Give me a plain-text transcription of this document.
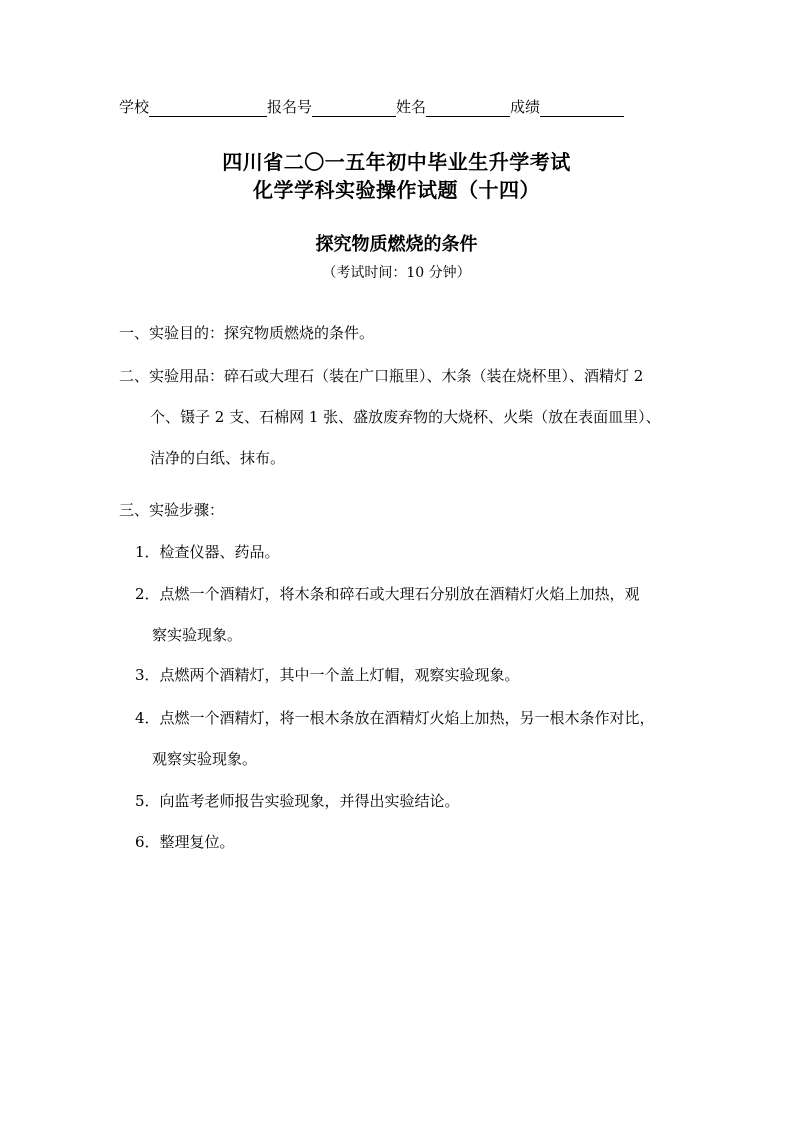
学校	报名号	姓名	成绩
四川省二〇一五年初中毕业生升学考试
化学学科实验操作试题（十四）
探究物质燃烧的条件
（考试时间：10 分钟）
一、实验目的：探究物质燃烧的条件。
二、实验用品：碎石或大理石（装在广口瓶里）、木条（装在烧杯里）、酒精灯 2
个、镊子 2 支、石棉网 1 张、盛放废弃物的大烧杯、火柴（放在表面皿里）、
洁净的白纸、抹布。
三、实验步骤：
1．检查仪器、药品。
2．点燃一个酒精灯，将木条和碎石或大理石分别放在酒精灯火焰上加热，观
察实验现象。
3．点燃两个酒精灯，其中一个盖上灯帽，观察实验现象。
4．点燃一个酒精灯，将一根木条放在酒精灯火焰上加热，另一根木条作对比，
观察实验现象。
5．向监考老师报告实验现象，并得出实验结论。
6．整理复位。
